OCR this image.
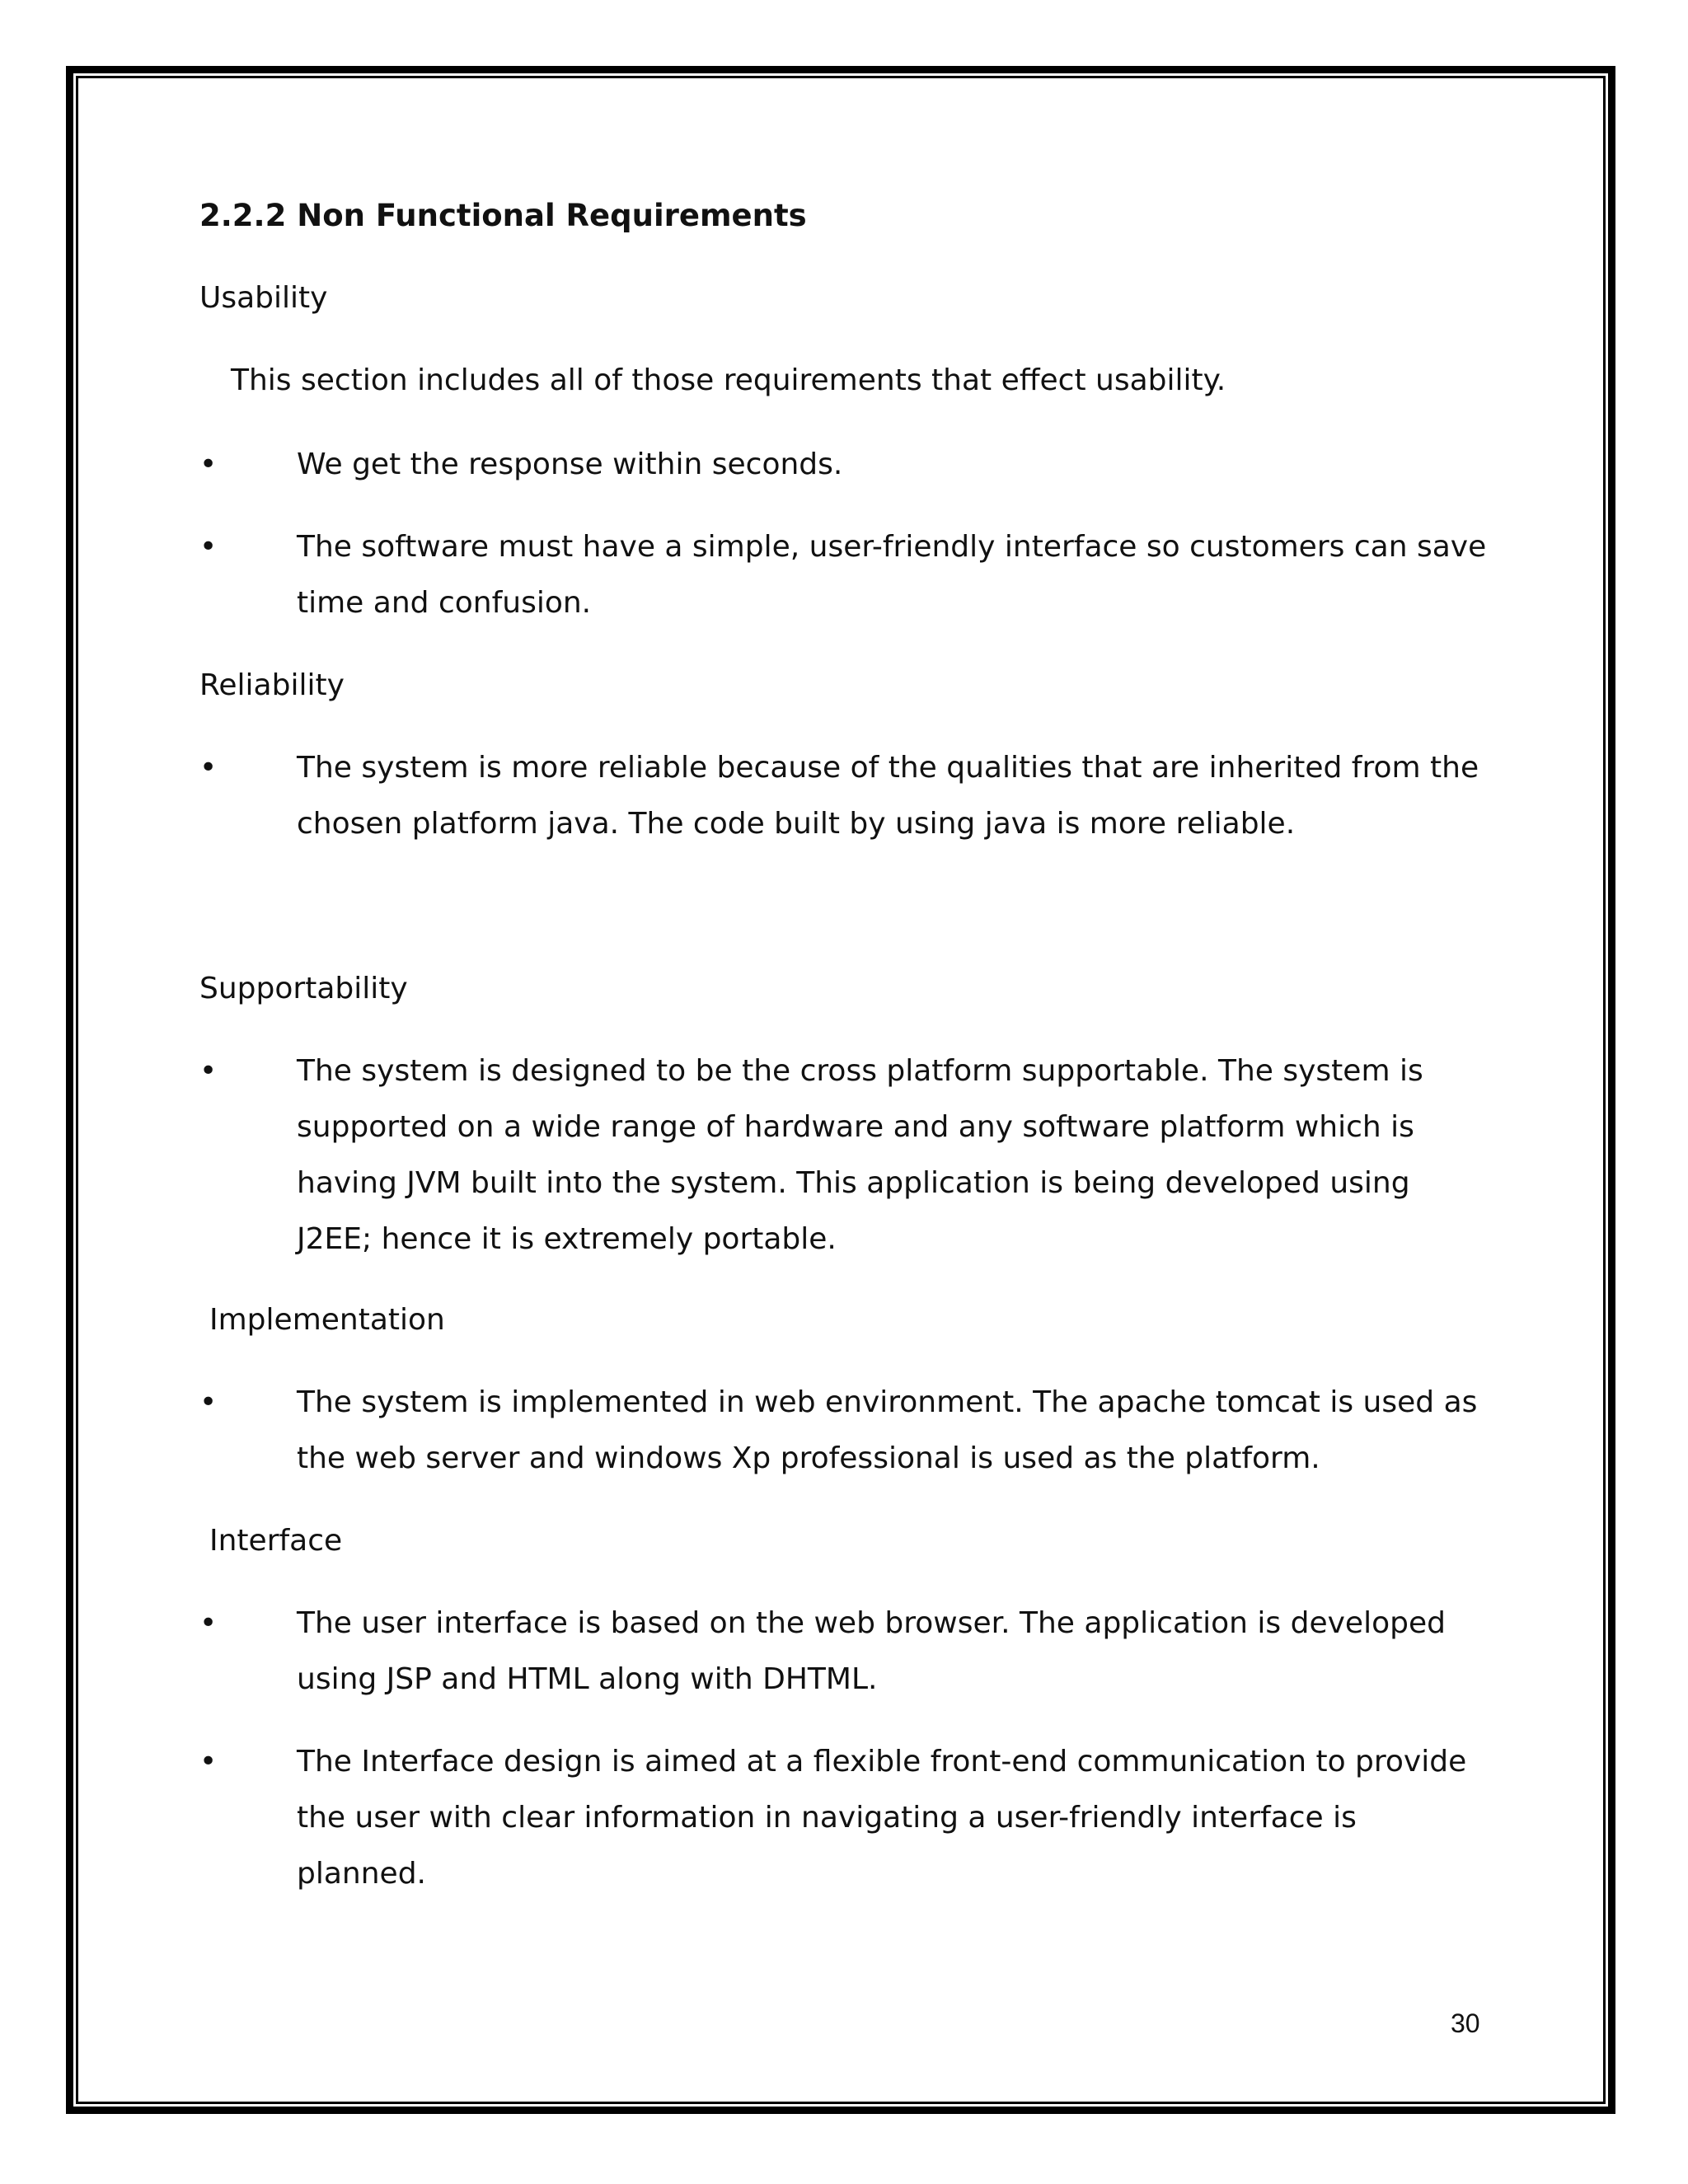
2.2.2 Non Functional Requirements
Usability
This section includes all of those requirements that effect usability.
•	We get the response within seconds.

•	The software must have a simple, user-friendly interface so customers can save time and confusion.

Reliability
•	The system is more reliable because of the qualities that are inherited from the chosen platform java. The code built by using java is more reliable.

Supportability
•	The system is designed to be the cross platform supportable. The system is supported on a wide range of hardware and any software platform which is having JVM built into the system. This application is being developed using J2EE; hence it is extremely portable.

Implementation
•	The system is implemented in web environment. The apache tomcat is used as the web server and windows Xp professional is used as the platform.

Interface
•	The user interface is based on the web browser. The application is developed using JSP and HTML along with DHTML.

•	The Interface design is aimed at a flexible front-end communication to provide the user with clear information in navigating a user-friendly interface is planned.

30
